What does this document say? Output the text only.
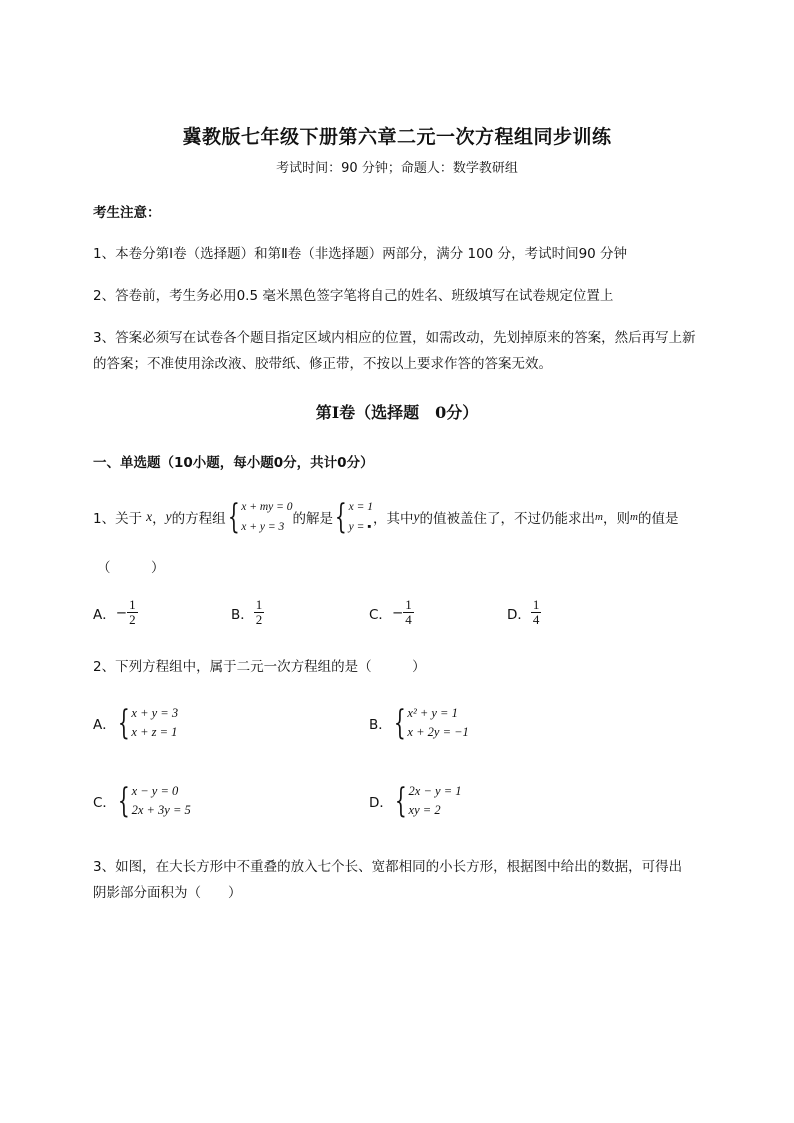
冀教版七年级下册第六章二元一次方程组同步训练
考试时间：90 分钟；命题人：数学教研组
考生注意：
1、本卷分第Ⅰ卷（选择题）和第Ⅱ卷（非选择题）两部分，满分 100 分，考试时间90 分钟
2、答卷前，考生务必用0.5 毫米黑色签字笔将自己的姓名、班级填写在试卷规定位置上
3、答案必须写在试卷各个题目指定区域内相应的位置，如需改动，先划掉原来的答案，然后再写上新
的答案；不准使用涂改液、胶带纸、修正带，不按以上要求作答的答案无效。
第Ⅰ卷（选择题　0分）
一、单选题（10小题，每小题0分，共计0分）
1、关于 x ， y 的方程组 { x + my = 0
x + y = 3 的解是 { x = 1
y = ▪ ，其中 y 的值被盖住了，不过仍能求出 m ，则 m 的值是
（　　　）
A． − $\frac{1}{2}$	B． $\frac{1}{2}$	C． − $\frac{1}{4}$	D． $\frac{1}{4}$
2、下列方程组中，属于二元一次方程组的是（　　　）
A． { x + y = 3
x + z = 1	B． { x² + y = 1
x + 2y = −1
C． { x − y = 0
2x + 3y = 5	D． { 2x − y = 1
xy = 2
3、如图，在大长方形中不重叠的放入七个长、宽都相同的小长方形，根据图中给出的数据，可得出
阴影部分面积为（　　）
